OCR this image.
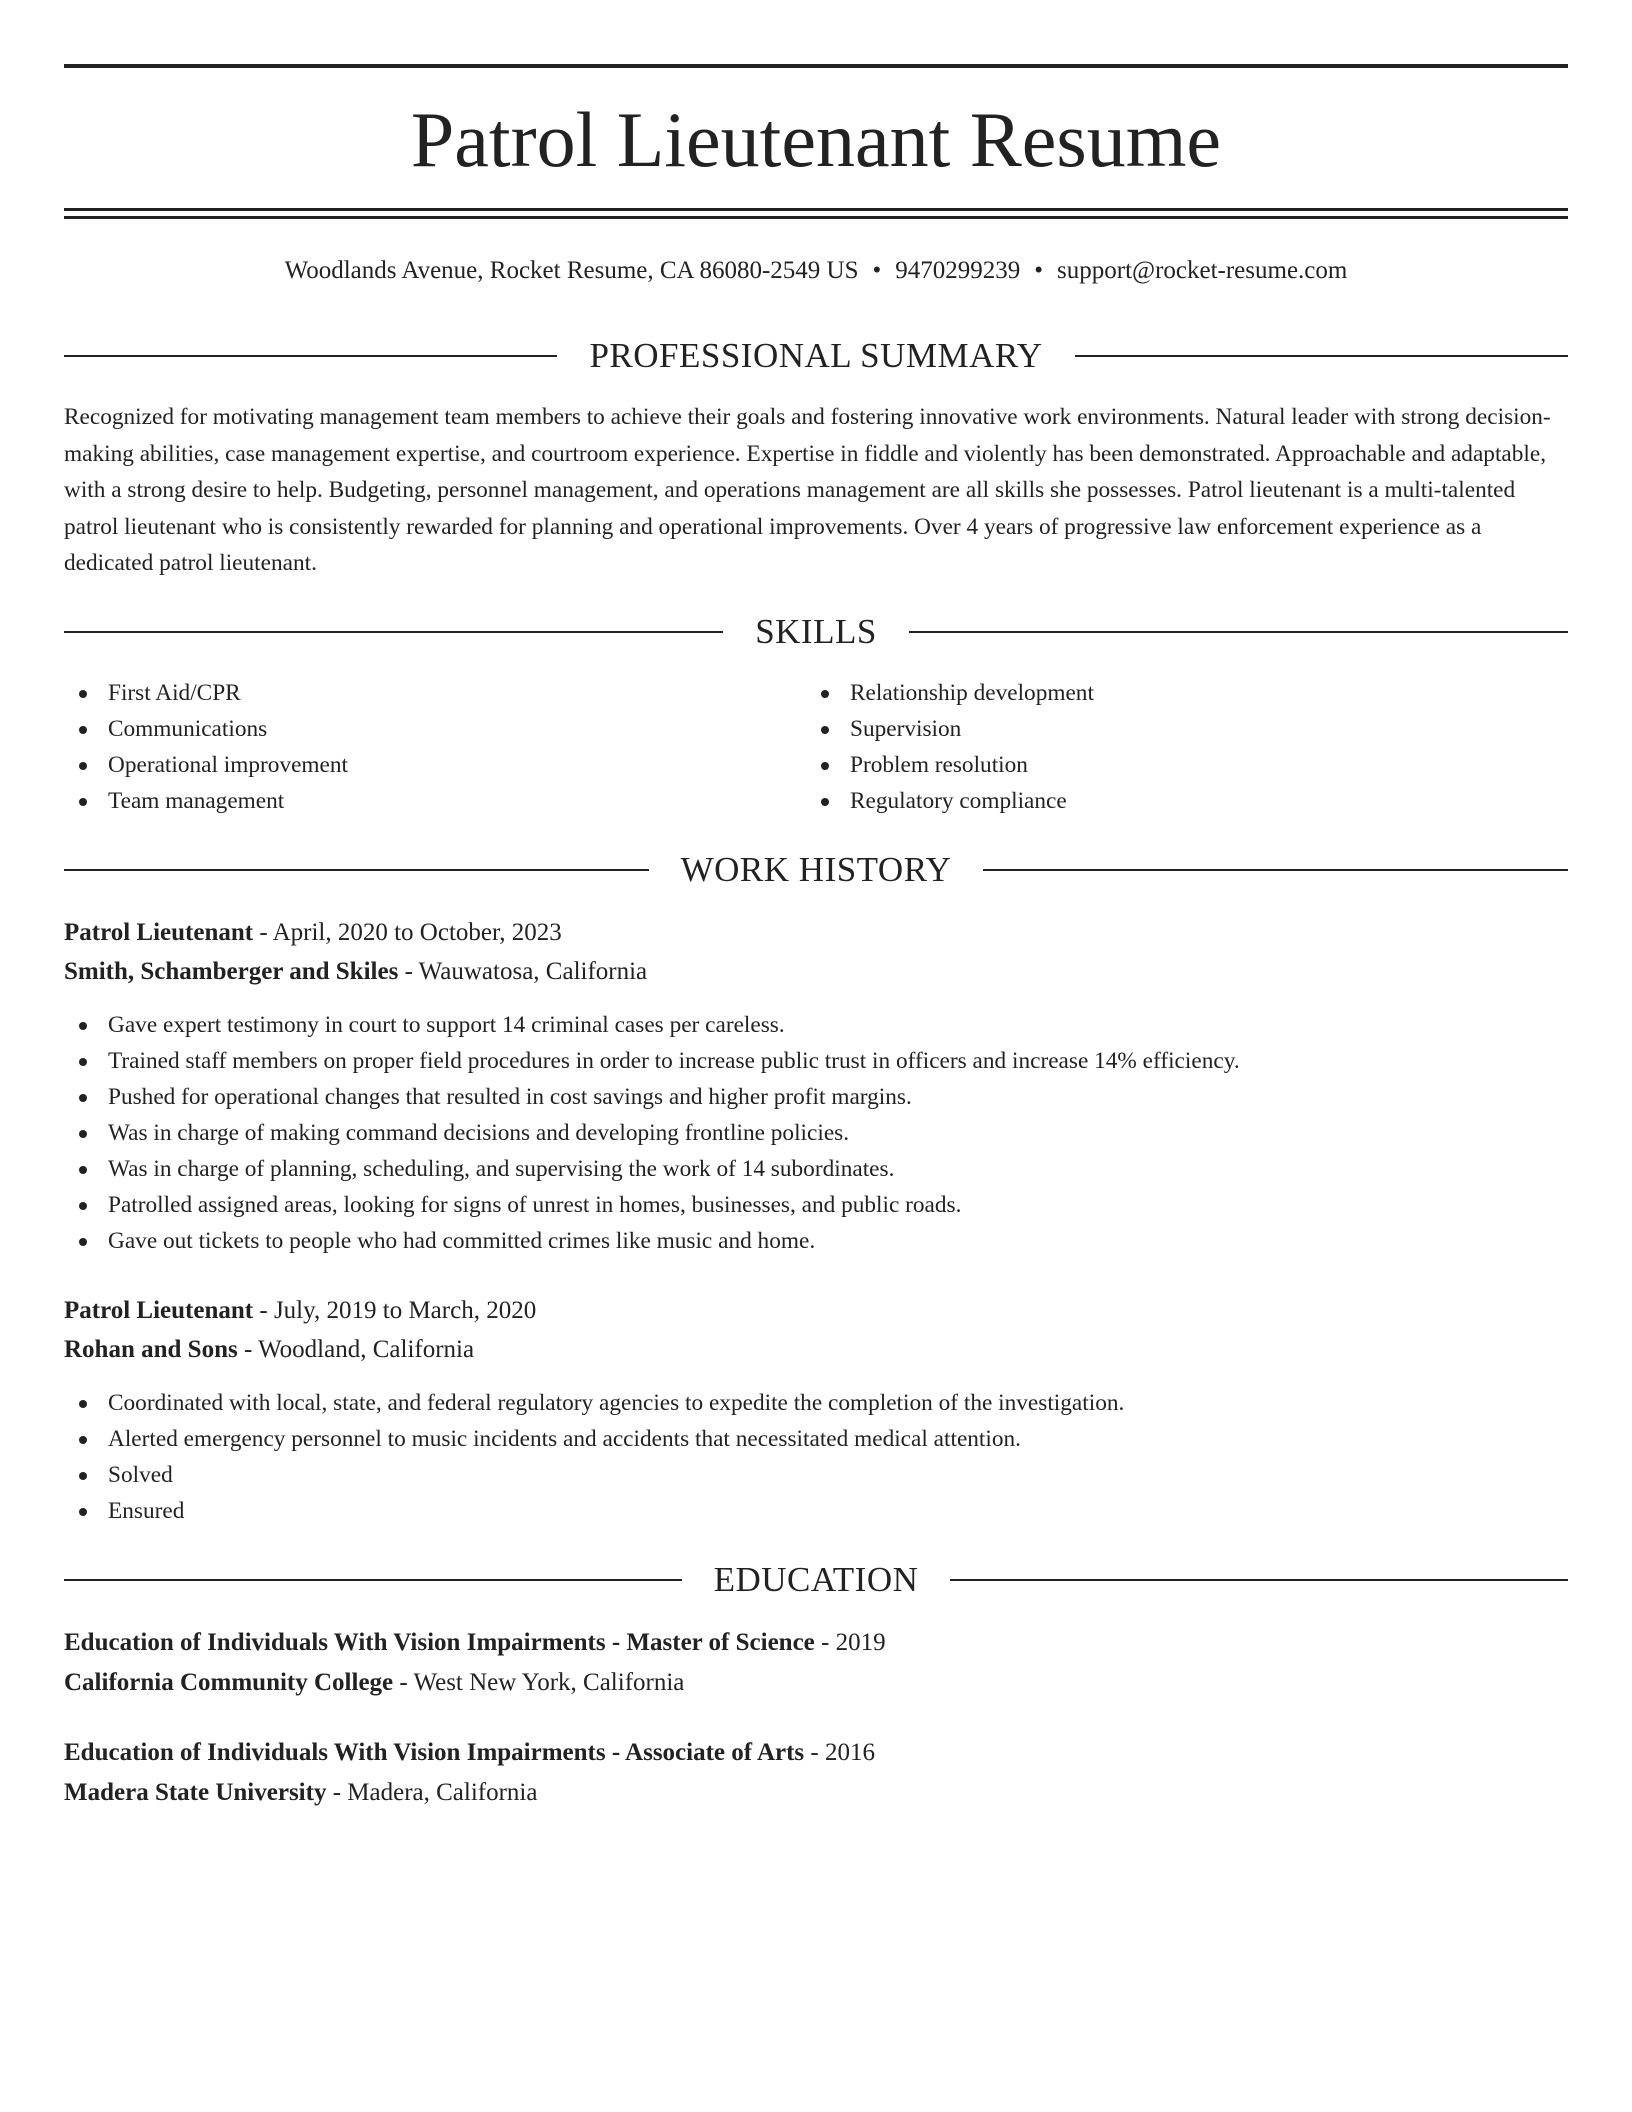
Patrol Lieutenant Resume
Woodlands Avenue, Rocket Resume, CA 86080-2549 US • 9470299239 • support@rocket-resume.com
PROFESSIONAL SUMMARY

Recognized for motivating management team members to achieve their goals and fostering innovative work environments. Natural leader with strong decision-making abilities, case management expertise, and courtroom experience. Expertise in fiddle and violently has been demonstrated. Approachable and adaptable, with a strong desire to help. Budgeting, personnel management, and operations management are all skills she possesses. Patrol lieutenant is a multi-talented patrol lieutenant who is consistently rewarded for planning and operational improvements. Over 4 years of progressive law enforcement experience as a dedicated patrol lieutenant.

SKILLS
First Aid/CPR
Communications
Operational improvement
Team management
Relationship development
Supervision
Problem resolution
Regulatory compliance
WORK HISTORY
Patrol Lieutenant - April, 2020 to October, 2023
Smith, Schamberger and Skiles - Wauwatosa, California
Gave expert testimony in court to support 14 criminal cases per careless.
Trained staff members on proper field procedures in order to increase public trust in officers and increase 14% efficiency.
Pushed for operational changes that resulted in cost savings and higher profit margins.
Was in charge of making command decisions and developing frontline policies.
Was in charge of planning, scheduling, and supervising the work of 14 subordinates.
Patrolled assigned areas, looking for signs of unrest in homes, businesses, and public roads.
Gave out tickets to people who had committed crimes like music and home.
Patrol Lieutenant - July, 2019 to March, 2020
Rohan and Sons - Woodland, California
Coordinated with local, state, and federal regulatory agencies to expedite the completion of the investigation.
Alerted emergency personnel to music incidents and accidents that necessitated medical attention.
Solved
Ensured
EDUCATION
Education of Individuals With Vision Impairments - Master of Science - 2019
California Community College - West New York, California
Education of Individuals With Vision Impairments - Associate of Arts - 2016
Madera State University - Madera, California
